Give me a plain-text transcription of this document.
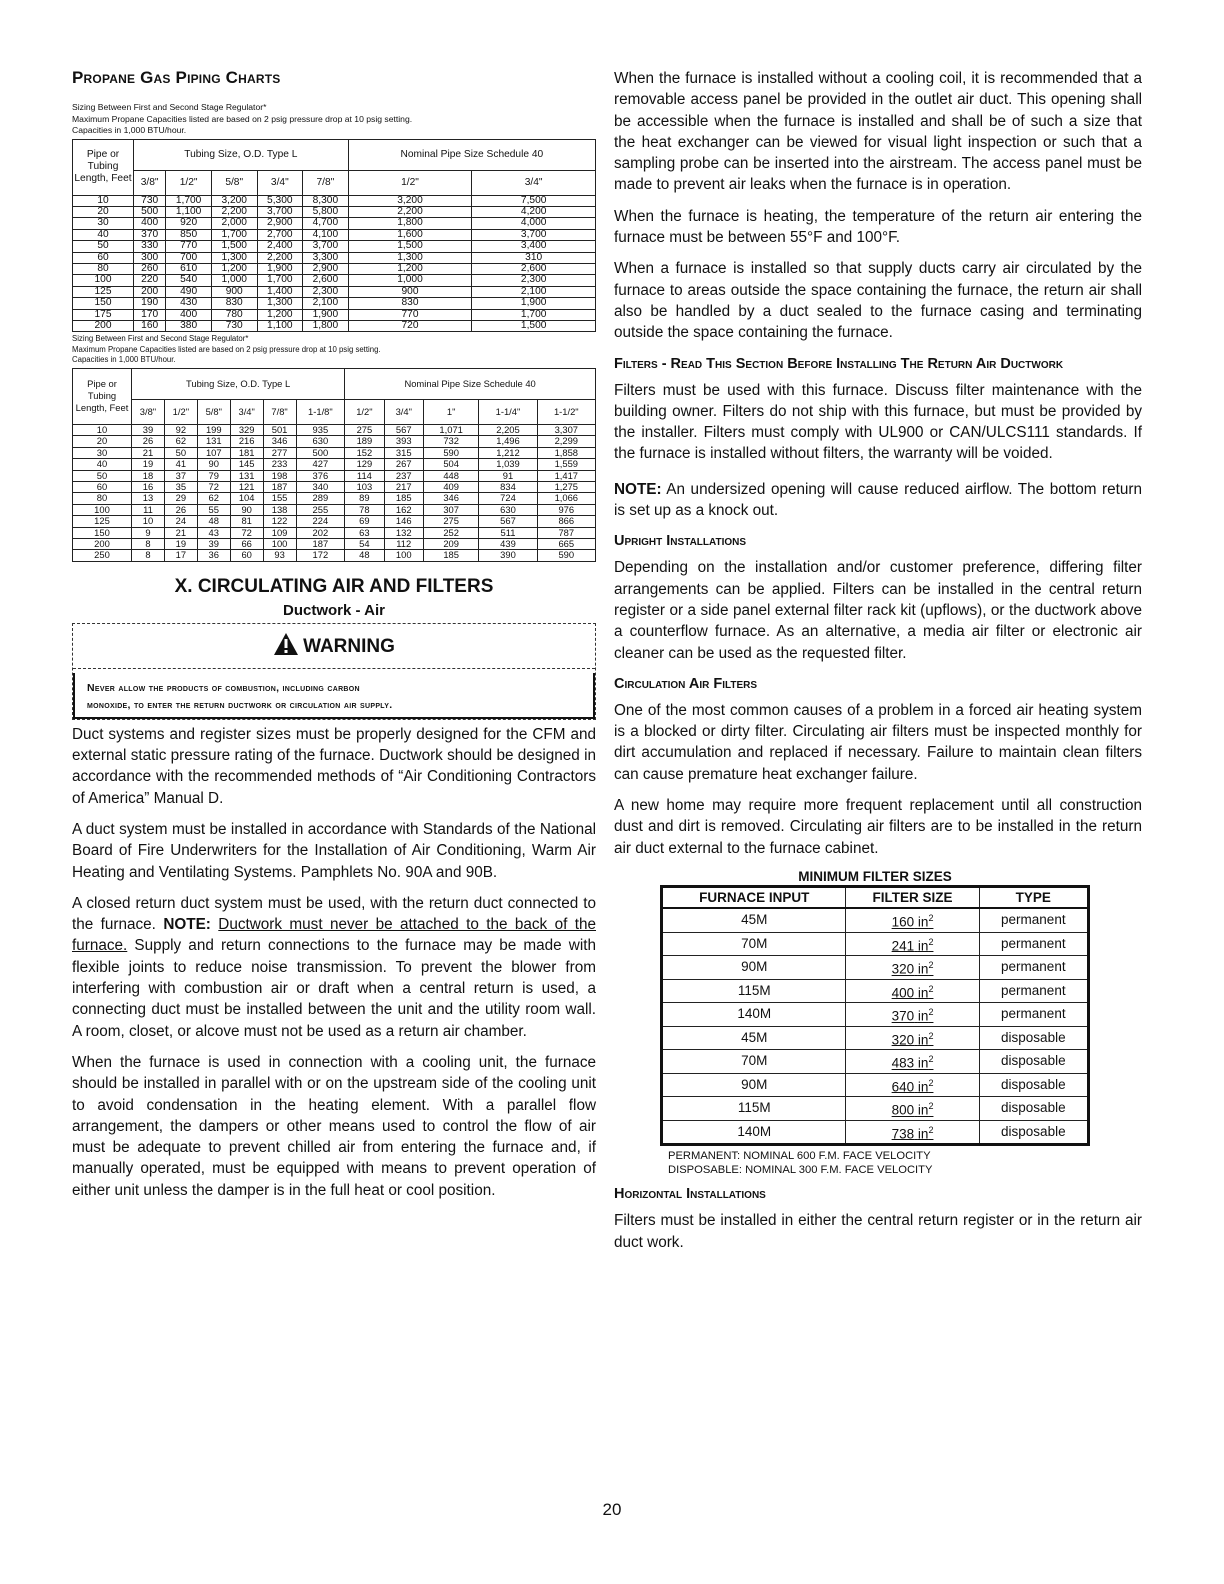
Propane Gas Piping Charts

Sizing Between First and Second Stage Regulator*

Maximum Propane Capacities listed are based on 2 psig pressure drop at 10 psig setting.

Capacities in 1,000 BTU/hour.

Pipe or Tubing Length, Feet	Tubing Size, O.D. Type L					Nominal Pipe Size Schedule 40	
	3/8"	1/2"	5/8"	3/4"	7/8"	1/2"	3/4"
10	730	1,700	3,200	5,300	8,300	3,200	7,500
20	500	1,100	2,200	3,700	5,800	2,200	4,200
30	400	920	2,000	2,900	4,700	1,800	4,000
40	370	850	1,700	2,700	4,100	1,600	3,700
50	330	770	1,500	2,400	3,700	1,500	3,400
60	300	700	1,300	2,200	3,300	1,300	310
80	260	610	1,200	1,900	2,900	1,200	2,600
100	220	540	1,000	1,700	2,600	1,000	2,300
125	200	490	900	1,400	2,300	900	2,100
150	190	430	830	1,300	2,100	830	1,900
175	170	400	780	1,200	1,900	770	1,700
200	160	380	730	1,100	1,800	720	1,500

Sizing Between First and Second Stage Regulator*

Maximum Propane Capacities listed are based on 2 psig pressure drop at 10 psig setting.

Capacities in 1,000 BTU/hour.

Pipe or Tubing Length, Feet	Tubing Size, O.D. Type L						Nominal Pipe Size Schedule 40				
	3/8"	1/2"	5/8"	3/4"	7/8"	1-1/8"	1/2"	3/4"	1"	1-1/4"	1-1/2"
10	39	92	199	329	501	935	275	567	1,071	2,205	3,307
20	26	62	131	216	346	630	189	393	732	1,496	2,299
30	21	50	107	181	277	500	152	315	590	1,212	1,858
40	19	41	90	145	233	427	129	267	504	1,039	1,559
50	18	37	79	131	198	376	114	237	448	91	1,417
60	16	35	72	121	187	340	103	217	409	834	1,275
80	13	29	62	104	155	289	89	185	346	724	1,066
100	11	26	55	90	138	255	78	162	307	630	976
125	10	24	48	81	122	224	69	146	275	567	866
150	9	21	43	72	109	202	63	132	252	511	787
200	8	19	39	66	100	187	54	112	209	439	665
250	8	17	36	60	93	172	48	100	185	390	590
X. CIRCULATING AIR AND FILTERS
Ductwork - Air
WARNING
Never allow the products of combustion, including carbon
monoxide, to enter the return ductwork or circulation air supply.

Duct systems and register sizes must be properly designed for the CFM and external static pressure rating of the furnace. Ductwork should be designed in accordance with the recommended methods of “Air Conditioning Contractors of America” Manual D.

A duct system must be installed in accordance with Standards of the National Board of Fire Underwriters for the Installation of Air Conditioning, Warm Air Heating and Ventilating Systems. Pamphlets No. 90A and 90B.

A closed return duct system must be used, with the return duct connected to the furnace. NOTE: Ductwork must never be attached to the back of the furnace. Supply and return connections to the furnace may be made with flexible joints to reduce noise transmission. To prevent the blower from interfering with combustion air or draft when a central return is used, a connecting duct must be installed between the unit and the utility room wall. A room, closet, or alcove must not be used as a return air chamber.

When the furnace is used in connection with a cooling unit, the furnace should be installed in parallel with or on the upstream side of the cooling unit to avoid condensation in the heating element. With a parallel flow arrangement, the dampers or other means used to control the flow of air must be adequate to prevent chilled air from entering the furnace and, if manually operated, must be equipped with means to prevent operation of either unit unless the damper is in the full heat or cool position.

When the furnace is installed without a cooling coil, it is recommended that a removable access panel be provided in the outlet air duct. This opening shall be accessible when the furnace is installed and shall be of such a size that the heat exchanger can be viewed for visual light inspection or such that a sampling probe can be inserted into the airstream. The access panel must be made to prevent air leaks when the furnace is in operation.

When the furnace is heating, the temperature of the return air entering the furnace must be between 55°F and 100°F.

When a furnace is installed so that supply ducts carry air circulated by the furnace to areas outside the space containing the furnace, the return air shall also be handled by a duct sealed to the furnace casing and terminating outside the space containing the furnace.

Filters - Read This Section Before Installing The Return Air Ductwork

Filters must be used with this furnace. Discuss filter maintenance with the building owner. Filters do not ship with this furnace, but must be provided by the installer. Filters must comply with UL900 or CAN/ULCS111 standards. If the furnace is installed without filters, the warranty will be voided.

NOTE: An undersized opening will cause reduced airflow. The bottom return is set up as a knock out.

Upright Installations

Depending on the installation and/or customer preference, differing filter arrangements can be applied. Filters can be installed in the central return register or a side panel external filter rack kit (upflows), or the ductwork above a counterflow furnace. As an alternative, a media air filter or electronic air cleaner can be used as the requested filter.

Circulation Air Filters

One of the most common causes of a problem in a forced air heating system is a blocked or dirty filter. Circulating air filters must be inspected monthly for dirt accumulation and replaced if necessary. Failure to maintain clean filters can cause premature heat exchanger failure.

A new home may require more frequent replacement until all construction dust and dirt is removed. Circulating air filters are to be installed in the return air duct external to the furnace cabinet.

MINIMUM FILTER SIZES
FURNACE INPUT	FILTER SIZE	TYPE
45M	160 $in^2$	permanent
70M	241 $in^2$	permanent
90M	320 $in^2$	permanent
115M	400 $in^2$	permanent
140M	370 $in^2$	permanent
45M	320 $in^2$	disposable
70M	483 $in^2$	disposable
90M	640 $in^2$	disposable
115M	800 $in^2$	disposable
140M	738 $in^2$	disposable
PERMANENT: NOMINAL 600 F.M. FACE VELOCITY
DISPOSABLE: NOMINAL 300 F.M. FACE VELOCITY
Horizontal Installations

Filters must be installed in either the central return register or in the return air duct work.

20
